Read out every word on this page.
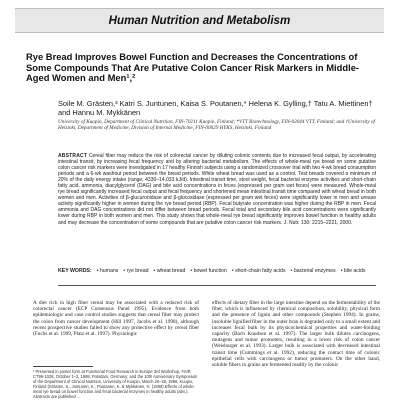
Human Nutrition and Metabolism
Rye Bread Improves Bowel Function and Decreases the Concentrations of Some Compounds That Are Putative Colon Cancer Risk Markers in Middle-Aged Women and Men¹,²

Soile M. Grästen,³ Katri S. Juntunen, Kaisa S. Poutanen,* Helena K. Gylling,† Tatu A. Miettinen† and Hannu M. Mykkänen

University of Kuopio, Department of Clinical Nutrition, FIN-70211 Kuopio, Finland; *VTT Biotechnology, FIN-02044 VTT, Finland; and †University of Helsinki, Department of Medicine, Division of Internal Medicine, FIN-00029 HYKS, Helsinki, Finland

ABSTRACT Cereal fiber may reduce the risk of colorectal cancer by diluting colonic contents due to increased fecal output, by accelerating intestinal transit, by increasing fecal frequency and by altering bacterial metabolism. The effects of whole-meal rye bread on some putative colon cancer risk markers were investigated in 17 healthy Finnish subjects using a randomized crossover trial with two 4-wk bread consumption periods and a 6-wk washout period between the bread periods. White wheat bread was used as a control. Test breads covered a minimum of 20% of the daily energy intake (range, 4330–14,033 kJ/d). Intestinal transit time, stool weight, fecal bacterial enzyme activities and short-chain fatty acid, ammonia, diacylglycerol (DAG) and bile acid concentrations in feces (expressed per gram wet feces) were measured. Whole-meal rye bread significantly increased fecal output and fecal frequency and shortened mean intestinal transit time compared with wheat bread in both women and men. Activities of β-glucuronidase and β-glucosidase (expressed per gram wet feces) were significantly lower in men and urease activity significantly higher in women during the rye bread period (RBP). Fecal butyrate concentration was higher during the RBP in men. Fecal ammonia and DAG concentrations did not differ between bread periods. Fecal total and secondary bile acid concentrations were significantly lower during RBP in both women and men. This study shows that whole-meal rye bread significantly improves bowel function in healthy adults and may decrease the concentration of some compounds that are putative colon cancer risk markers. J. Nutr. 130: 2215–2221, 2000.

KEY WORDS:	• humans	• rye bread	• wheat bread	• bowel function	• short-chain fatty acids	• bacterial enzymes	• bile acids

A diet rich in high fiber cereal may be associated with a reduced risk of colorectal cancer (ECP Consensus Panel 1995). Evidence from both epidemiologic and case control studies suggests that cereal fiber may protect the colon from cancer development (Hill 1997, Jacobs et al. 1998), although recent prospective studies failed to show any protective effect by cereal fiber (Fuchs et al. 1999, Platz et al. 1997). Physiologic

effects of dietary fiber in the large intestine depend on the fermentability of the fiber, which is influenced by chemical composition, solubility, physical form and the presence of lignin and other compounds (Stephen 1994). In grains, insoluble lignified fiber in the outer bran is degraded only to a small extent and increases fecal bulk by its physicochemical properties and water-holding capacity (Bach Knudsen et al. 1997). The larger bulk dilutes carcinogens, mutagens and tumor promoters, resulting in a lower risk of colon cancer (Weisburger et al. 1993). Larger bulk is associated with decreased intestinal transit time (Cummings et al. 1992), reducing the contact time of colonic epithelial cells with carcinogens or tumor promoters. On the other hand, soluble fibers in grains are fermented readily by the colonic

¹ Presented in poster form at Functional Food Research in Europe 3rd Workshop, FAIR CT96-1028, October 1–2, 1998, Potsdam, Germany; and the 10th Anniversary Symposium of the Department of Clinical Nutrition, University of Kuopio, March 26–28, 1998, Kuopio, Finland [Grästen, S., Juntunen, K., Poutanen, K. & Mykkänen, H. (1998) Effects of whole-meal rye bread on bowel function and fecal bacterial enzymes in healthy adults (abs.). Abstracts are published ...
